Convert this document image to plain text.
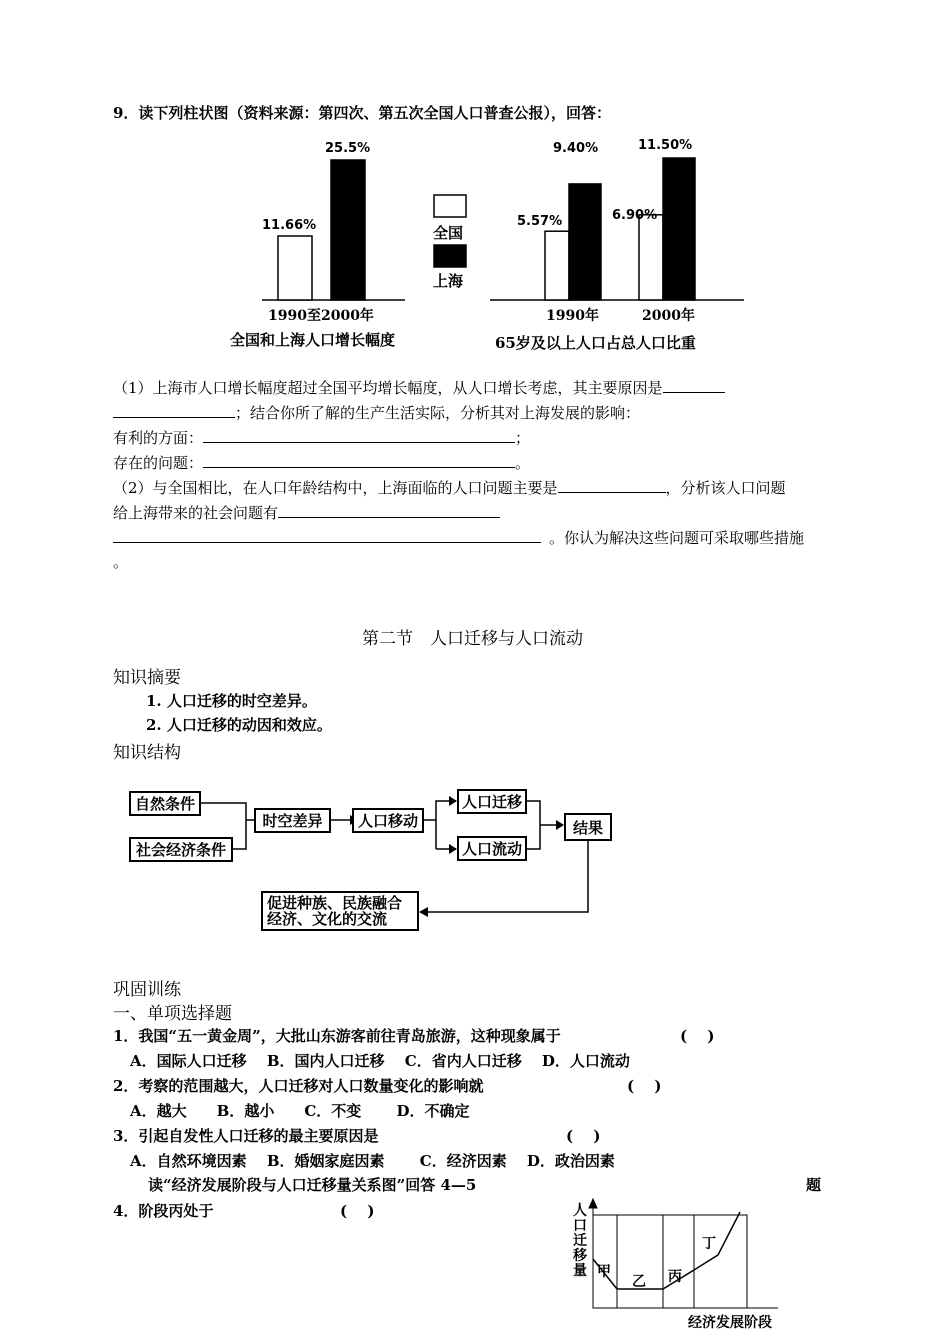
9．读下列柱状图（资料来源：第四次、第五次全国人口普查公报），回答：
11.66%
25.5%
1990至2000年
全国和上海人口增长幅度
全国
上海
5.57%
9.40%
6.90%
11.50%
1990年	2000年
65岁及以上人口占总人口比重
（1）上海市人口增长幅度超过全国平均增长幅度，从人口增长考虑，其主要原因是
；结合你所了解的生产生活实际，分析其对上海发展的影响：
有利的方面：	；
存在的问题：	。
（2）与全国相比，在人口年龄结构中，上海面临的人口问题主要是	，分析该人口问题
给上海带来的社会问题有
。你认为解决这些问题可采取哪些措施
。
第二节　人口迁移与人口流动
知识摘要
1. 人口迁移的时空差异。
2. 人口迁移的动因和效应。
知识结构
自然条件
社会经济条件
时空差异	人口移动
人口迁移
人口流动
结果
促进种族、民族融合
经济、文化的交流
巩固训练
一、单项选择题
1．我国“五一黄金周”，大批山东游客前往青岛旅游，这种现象属于	(　 )
A．国际人口迁移　 B．国内人口迁移　 C．省内人口迁移　 D．人口流动
2．考察的范围越大，人口迁移对人口数量变化的影响就	(　 )
A．越大　　B．越小　　C．不变　　 D．不确定
3．引起自发性人口迁移的最主要原因是	(　 )
A．自然环境因素　 B．婚姻家庭因素　　 C．经济因素　 D．政治因素
读“经济发展阶段与人口迁移量关系图”回答 4—5	题
4．阶段丙处于	(　 )	人口迁移量
经济发展阶段
甲
乙 丙
丁
